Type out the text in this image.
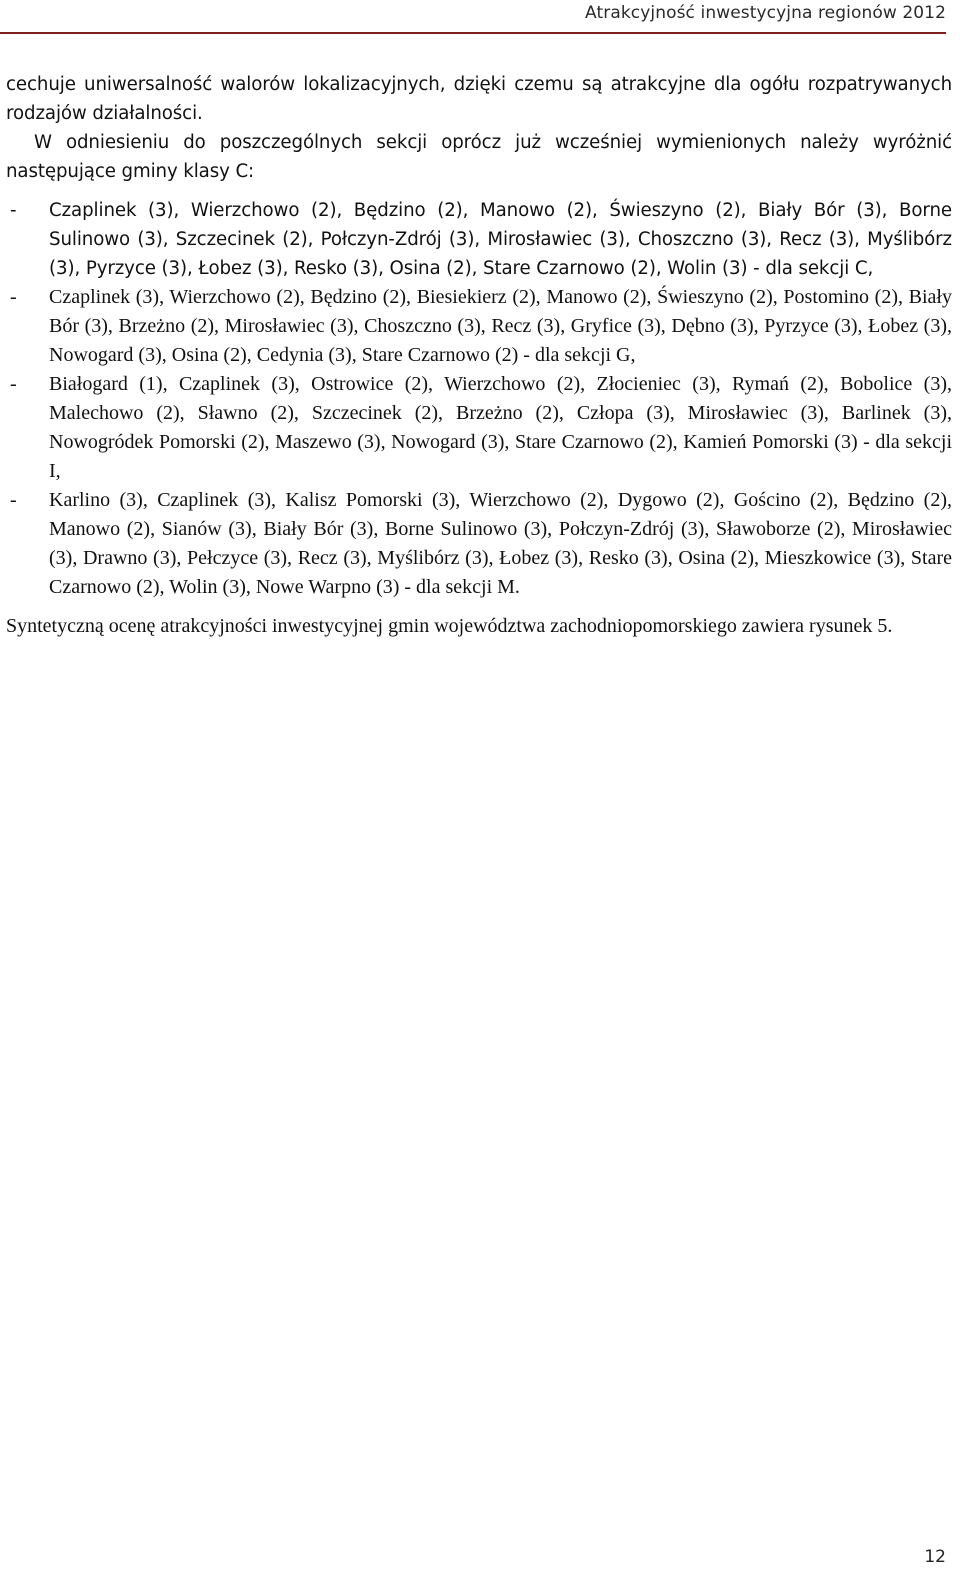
Atrakcyjność inwestycyjna regionów 2012

cechuje uniwersalność walorów lokalizacyjnych, dzięki czemu są atrakcyjne dla ogółu rozpatrywanych rodzajów działalności.

W odniesieniu do poszczególnych sekcji oprócz już wcześniej wymienionych należy wyróżnić następujące gminy klasy C:

- Czaplinek (3), Wierzchowo (2), Będzino (2), Manowo (2), Świeszyno (2), Biały Bór (3), Borne Sulinowo (3), Szczecinek (2), Połczyn-Zdrój (3), Mirosławiec (3), Choszczno (3), Recz (3), Myślibórz (3), Pyrzyce (3), Łobez (3), Resko (3), Osina (2), Stare Czarnowo (2), Wolin (3) - dla sekcji C,
- Czaplinek (3), Wierzchowo (2), Będzino (2), Biesiekierz (2), Manowo (2), Świeszyno (2), Postomino (2), Biały Bór (3), Brzeżno (2), Mirosławiec (3), Choszczno (3), Recz (3), Gryfice (3), Dębno (3), Pyrzyce (3), Łobez (3), Nowogard (3), Osina (2), Cedynia (3), Stare Czarnowo (2) - dla sekcji G,
- Białogard (1), Czaplinek (3), Ostrowice (2), Wierzchowo (2), Złocieniec (3), Rymań (2), Bobolice (3), Malechowo (2), Sławno (2), Szczecinek (2), Brzeżno (2), Człopa (3), Mirosławiec (3), Barlinek (3), Nowogródek Pomorski (2), Maszewo (3), Nowogard (3), Stare Czarnowo (2), Kamień Pomorski (3) - dla sekcji I,
- Karlino (3), Czaplinek (3), Kalisz Pomorski (3), Wierzchowo (2), Dygowo (2), Gościno (2), Będzino (2), Manowo (2), Sianów (3), Biały Bór (3), Borne Sulinowo (3), Połczyn-Zdrój (3), Sławoborze (2), Mirosławiec (3), Drawno (3), Pełczyce (3), Recz (3), Myślibórz (3), Łobez (3), Resko (3), Osina (2), Mieszkowice (3), Stare Czarnowo (2), Wolin (3), Nowe Warpno (3) - dla sekcji M.

Syntetyczną ocenę atrakcyjności inwestycyjnej gmin województwa zachodniopomorskiego zawiera rysunek 5.

12
